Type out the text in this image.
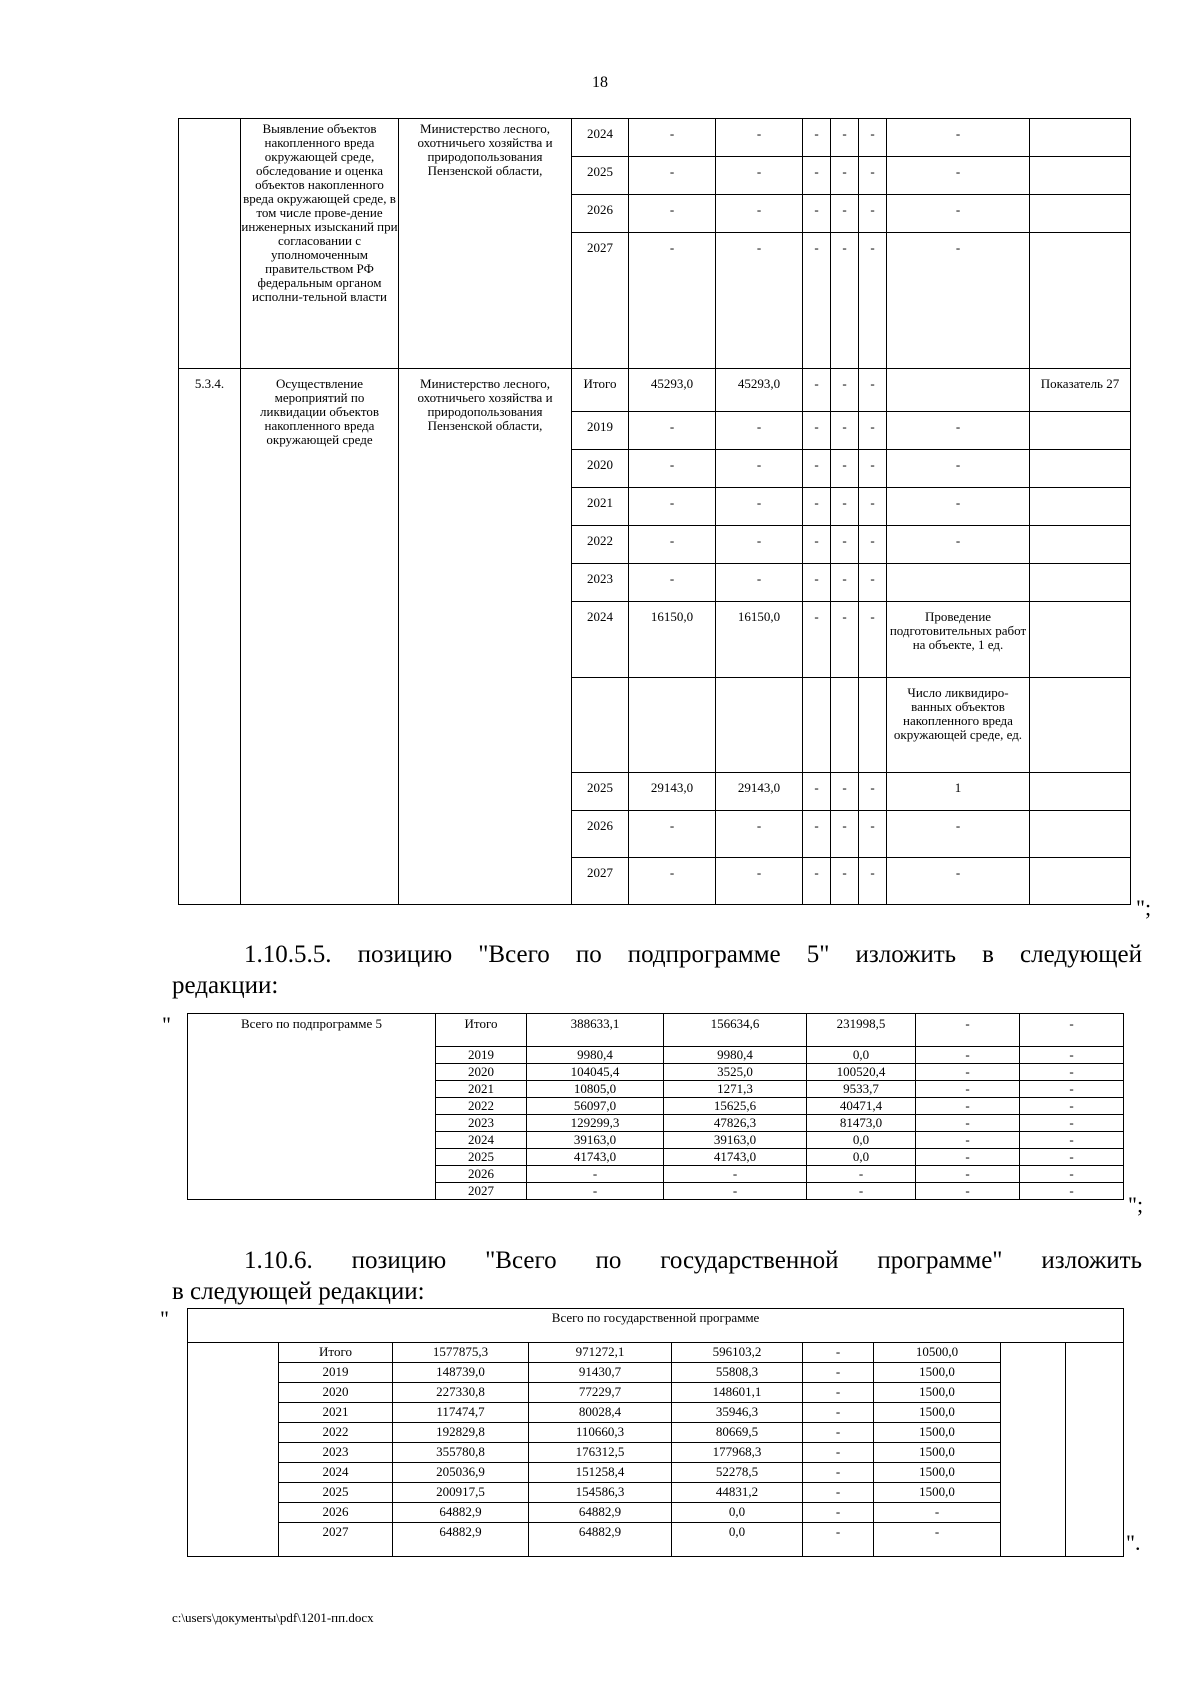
18
	Выявление объектов накопленного вреда окружающей среде, обследование и оценка объектов накопленного вреда окружающей среде, в том числе прове-дение инженерных изысканий при согласовании с уполномоченным правительством РФ федеральным органом исполни-тельной власти	Министерство лесного, охотничьего хозяйства и природопользования Пензенской области,	2024	-	-	-	-	-	-	
			2025	-	-	-	-	-	-	
			2026	-	-	-	-	-	-	
			2027	-	-	-	-	-	-	
5.3.4.	Осуществление мероприятий по ликвидации объектов накопленного вреда окружающей среде	Министерство лесного, охотничьего хозяйства и природопользования Пензенской области,	Итого	45293,0	45293,0	-	-	-		Показатель 27
			2019	-	-	-	-	-	-	
			2020	-	-	-	-	-	-	
			2021	-	-	-	-	-	-	
			2022	-	-	-	-	-	-	
			2023	-	-	-	-	-		
			2024	16150,0	16150,0	-	-	-	Проведение подготовительных работ на объекте, 1 ед.	
									Число ликвидиро-ванных объектов накопленного вреда окружающей среде, ед.	
			2025	29143,0	29143,0	-	-	-	1	
			2026	-	-	-	-	-	-	
			2027	-	-	-	-	-	-	
";
1.10.5.5. позицию "Всего по подпрограмме 5" изложить в следующей
редакции:
"	Всего по подпрограмме 5	Итого	388633,1	156634,6	231998,5	-	-
	2019	9980,4	9980,4	0,0	-	-
	2020	104045,4	3525,0	100520,4	-	-
	2021	10805,0	1271,3	9533,7	-	-
	2022	56097,0	15625,6	40471,4	-	-
	2023	129299,3	47826,3	81473,0	-	-
	2024	39163,0	39163,0	0,0	-	-
	2025	41743,0	41743,0	0,0	-	-
	2026	-	-	-	-	-
	2027	-	-	-	-	-
";
1.10.6. позицию "Всего по государственной программе" изложить
в следующей редакции:
"	Всего по государственной программе								
	Итого	1577875,3	971272,1	596103,2	-	10500,0		
	2019	148739,0	91430,7	55808,3	-	1500,0		
	2020	227330,8	77229,7	148601,1	-	1500,0		
	2021	117474,7	80028,4	35946,3	-	1500,0		
	2022	192829,8	110660,3	80669,5	-	1500,0		
	2023	355780,8	176312,5	177968,3	-	1500,0		
	2024	205036,9	151258,4	52278,5	-	1500,0		
	2025	200917,5	154586,3	44831,2	-	1500,0		
	2026	64882,9	64882,9	0,0	-	-		
	2027	64882,9	64882,9	0,0	-	-			".
c:\users\документы\pdf\1201-пп.docx
